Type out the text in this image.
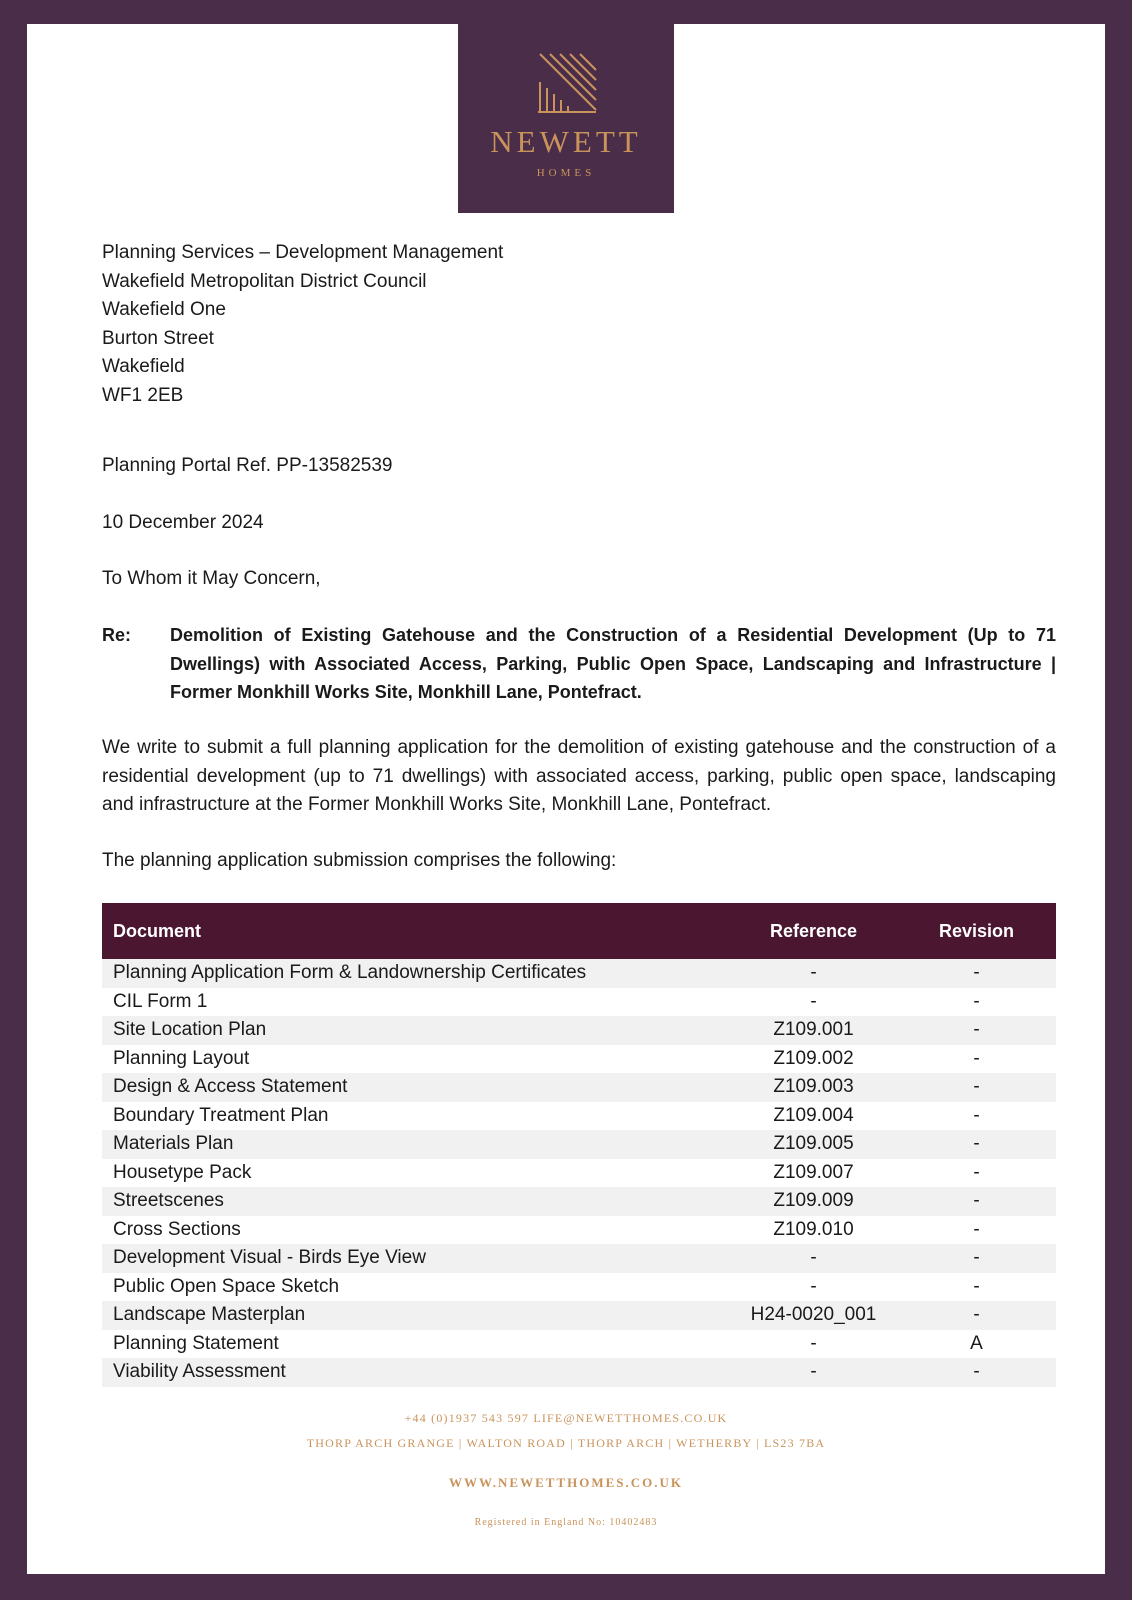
NEWETT
HOMES
Planning Services – Development Management
Wakefield Metropolitan District Council
Wakefield One
Burton Street
Wakefield
WF1 2EB

Planning Portal Ref. PP-13582539

10 December 2024

To Whom it May Concern,

Re: Demolition of Existing Gatehouse and the Construction of a Residential Development (Up to 71 Dwellings) with Associated Access, Parking, Public Open Space, Landscaping and Infrastructure | Former Monkhill Works Site, Monkhill Lane, Pontefract.

We write to submit a full planning application for the demolition of existing gatehouse and the construction of a residential development (up to 71 dwellings) with associated access, parking, public open space, landscaping and infrastructure at the Former Monkhill Works Site, Monkhill Lane, Pontefract.

The planning application submission comprises the following:

Document	Reference	Revision
Planning Application Form & Landownership Certificates	-	-
CIL Form 1	-	-
Site Location Plan	Z109.001	-
Planning Layout	Z109.002	-
Design & Access Statement	Z109.003	-
Boundary Treatment Plan	Z109.004	-
Materials Plan	Z109.005	-
Housetype Pack	Z109.007	-
Streetscenes	Z109.009	-
Cross Sections	Z109.010	-
Development Visual - Birds Eye View	-	-
Public Open Space Sketch	-	-
Landscape Masterplan	H24-0020_001	-
Planning Statement	-	A
Viability Assessment	-	-
+44 (0)1937 543 597 LIFE@NEWETTHOMES.CO.UK
THORP ARCH GRANGE | WALTON ROAD | THORP ARCH | WETHERBY | LS23 7BA
WWW.NEWETTHOMES.CO.UK
Registered in England No: 10402483
